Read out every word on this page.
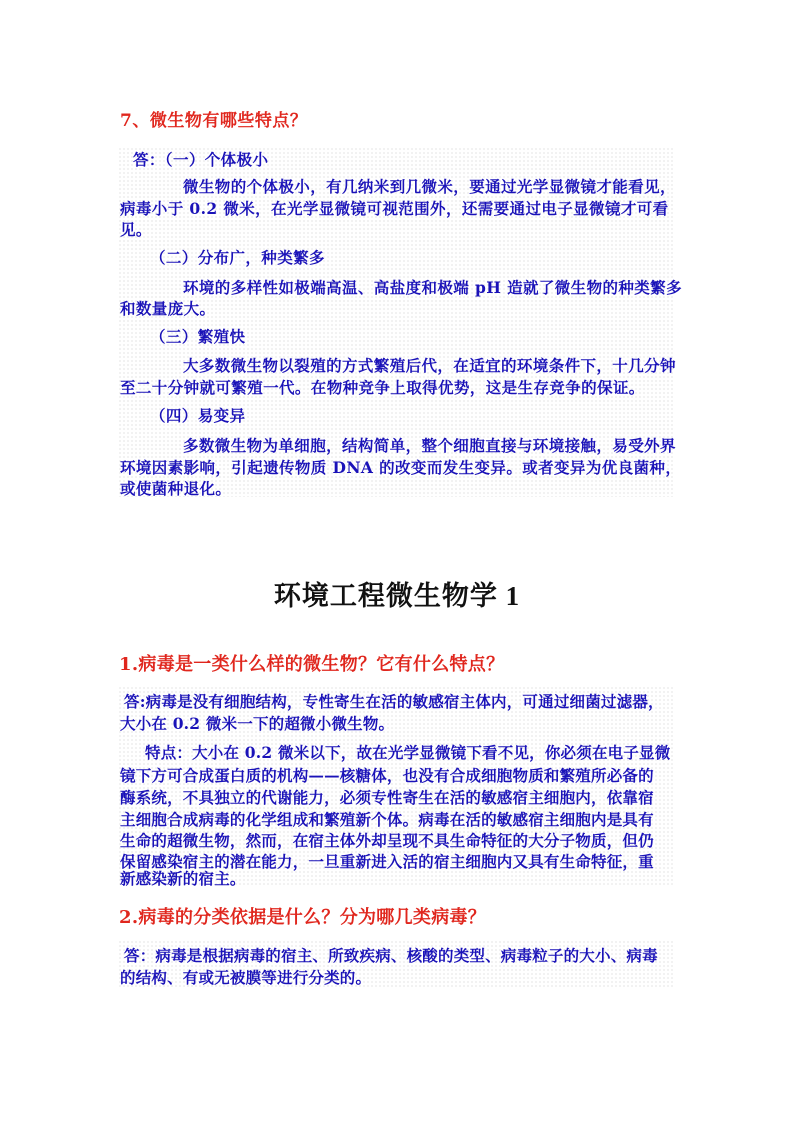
7、微生物有哪些特点？
答：（一）个体极小
微生物的个体极小，有几纳米到几微米，要通过光学显微镜才能看见，
病毒小于 0.2 微米，在光学显微镜可视范围外，还需要通过电子显微镜才可看
见。
（二）分布广，种类繁多
环境的多样性如极端高温、高盐度和极端 pH 造就了微生物的种类繁多
和数量庞大。
（三）繁殖快
大多数微生物以裂殖的方式繁殖后代，在适宜的环境条件下，十几分钟
至二十分钟就可繁殖一代。在物种竞争上取得优势，这是生存竞争的保证。
（四）易变异
多数微生物为单细胞，结构简单，整个细胞直接与环境接触，易受外界
环境因素影响，引起遗传物质 DNA 的改变而发生变异。或者变异为优良菌种，
或使菌种退化。
环境工程微生物学 1
1.病毒是一类什么样的微生物？它有什么特点？
答:病毒是没有细胞结构，专性寄生在活的敏感宿主体内，可通过细菌过滤器，
大小在 0.2 微米一下的超微小微生物。
特点：大小在 0.2 微米以下，故在光学显微镜下看不见，你必须在电子显微
镜下方可合成蛋白质的机构——核糖体，也没有合成细胞物质和繁殖所必备的
酶系统，不具独立的代谢能力，必须专性寄生在活的敏感宿主细胞内，依靠宿
主细胞合成病毒的化学组成和繁殖新个体。病毒在活的敏感宿主细胞内是具有
生命的超微生物，然而，在宿主体外却呈现不具生命特征的大分子物质，但仍
保留感染宿主的潜在能力，一旦重新进入活的宿主细胞内又具有生命特征，重
新感染新的宿主。
2.病毒的分类依据是什么？分为哪几类病毒？
答：病毒是根据病毒的宿主、所致疾病、核酸的类型、病毒粒子的大小、病毒
的结构、有或无被膜等进行分类的。
